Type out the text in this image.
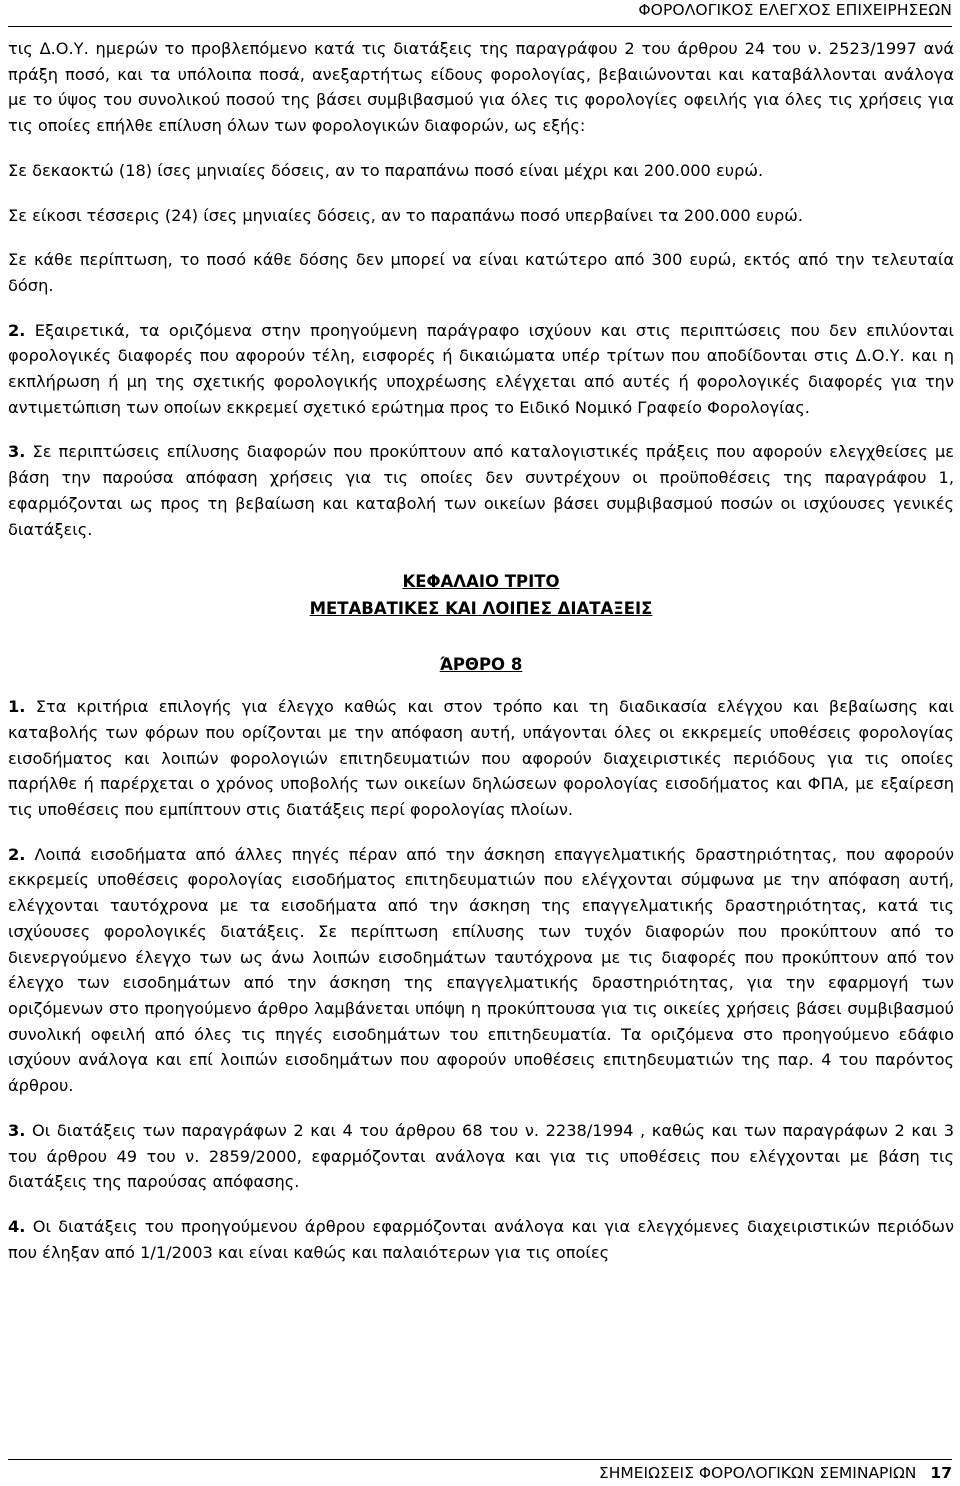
ΦΟΡΟΛΟΓΙΚΟΣ ΕΛΕΓΧΟΣ ΕΠΙΧΕΙΡΗΣΕΩΝ

τις Δ.Ο.Υ. ημερών το προβλεπόμενο κατά τις διατάξεις της παραγράφου 2 του άρθρου 24 του ν. 2523/1997 ανά πράξη ποσό, και τα υπόλοιπα ποσά, ανεξαρτήτως είδους φορολογίας, βεβαιώνονται και καταβάλλονται ανάλογα με το ύψος του συνολικού ποσού της βάσει συμβιβασμού για όλες τις φορολογίες οφειλής για όλες τις χρήσεις για τις οποίες επήλθε επίλυση όλων των φορολογικών διαφορών, ως εξής:

Σε δεκαοκτώ (18) ίσες μηνιαίες δόσεις, αν το παραπάνω ποσό είναι μέχρι και 200.000 ευρώ.

Σε είκοσι τέσσερις (24) ίσες μηνιαίες δόσεις, αν το παραπάνω ποσό υπερβαίνει τα 200.000 ευρώ.

Σε κάθε περίπτωση, το ποσό κάθε δόσης δεν μπορεί να είναι κατώτερο από 300 ευρώ, εκτός από την τελευταία δόση.

2. Εξαιρετικά, τα οριζόμενα στην προηγούμενη παράγραφο ισχύουν και στις περιπτώσεις που δεν επιλύονται φορολογικές διαφορές που αφορούν τέλη, εισφορές ή δικαιώματα υπέρ τρίτων που αποδίδονται στις Δ.Ο.Υ. και η εκπλήρωση ή μη της σχετικής φορολογικής υποχρέωσης ελέγχεται από αυτές ή φορολογικές διαφορές για την αντιμετώπιση των οποίων εκκρεμεί σχετικό ερώτημα προς το Ειδικό Νομικό Γραφείο Φορολογίας.

3. Σε περιπτώσεις επίλυσης διαφορών που προκύπτουν από καταλογιστικές πράξεις που αφορούν ελεγχθείσες με βάση την παρούσα απόφαση χρήσεις για τις οποίες δεν συντρέχουν οι προϋποθέσεις της παραγράφου 1, εφαρμόζονται ως προς τη βεβαίωση και καταβολή των οικείων βάσει συμβιβασμού ποσών οι ισχύουσες γενικές διατάξεις.

ΚΕΦΑΛΑΙΟ ΤΡΙΤΟ

ΜΕΤΑΒΑΤΙΚΕΣ ΚΑΙ ΛΟΙΠΕΣ ΔΙΑΤΑΞΕΙΣ

ΆΡΘΡΟ 8

1. Στα κριτήρια επιλογής για έλεγχο καθώς και στον τρόπο και τη διαδικασία ελέγχου και βεβαίωσης και καταβολής των φόρων που ορίζονται με την απόφαση αυτή, υπάγονται όλες οι εκκρεμείς υποθέσεις φορολογίας εισοδήματος και λοιπών φορολογιών επιτηδευματιών που αφορούν διαχειριστικές περιόδους για τις οποίες παρήλθε ή παρέρχεται ο χρόνος υποβολής των οικείων δηλώσεων φορολογίας εισοδήματος και ΦΠΑ, με εξαίρεση τις υποθέσεις που εμπίπτουν στις διατάξεις περί φορολογίας πλοίων.

2. Λοιπά εισοδήματα από άλλες πηγές πέραν από την άσκηση επαγγελματικής δραστηριότητας, που αφορούν εκκρεμείς υποθέσεις φορολογίας εισοδήματος επιτηδευματιών που ελέγχονται σύμφωνα με την απόφαση αυτή, ελέγχονται ταυτόχρονα με τα εισοδήματα από την άσκηση της επαγγελματικής δραστηριότητας, κατά τις ισχύουσες φορολογικές διατάξεις. Σε περίπτωση επίλυσης των τυχόν διαφορών που προκύπτουν από το διενεργούμενο έλεγχο των ως άνω λοιπών εισοδημάτων ταυτόχρονα με τις διαφορές που προκύπτουν από τον έλεγχο των εισοδημάτων από την άσκηση της επαγγελματικής δραστηριότητας, για την εφαρμογή των οριζόμενων στο προηγούμενο άρθρο λαμβάνεται υπόψη η προκύπτουσα για τις οικείες χρήσεις βάσει συμβιβασμού συνολική οφειλή από όλες τις πηγές εισοδημάτων του επιτηδευματία. Τα οριζόμενα στο προηγούμενο εδάφιο ισχύουν ανάλογα και επί λοιπών εισοδημάτων που αφορούν υποθέσεις επιτηδευματιών της παρ. 4 του παρόντος άρθρου.

3. Οι διατάξεις των παραγράφων 2 και 4 του άρθρου 68 του ν. 2238/1994 , καθώς και των παραγράφων 2 και 3 του άρθρου 49 του ν. 2859/2000, εφαρμόζονται ανάλογα και για τις υποθέσεις που ελέγχονται με βάση τις διατάξεις της παρούσας απόφασης.

4. Οι διατάξεις του προηγούμενου άρθρου εφαρμόζονται ανάλογα και για ελεγχόμενες διαχειριστικών περιόδων που έληξαν από 1/1/2003 και είναι καθώς και παλαιότερων για τις οποίες

ΣΗΜΕΙΩΣΕΙΣ ΦΟΡΟΛΟΓΙΚΩΝ ΣΕΜΙΝΑΡΙΩΝ 17
